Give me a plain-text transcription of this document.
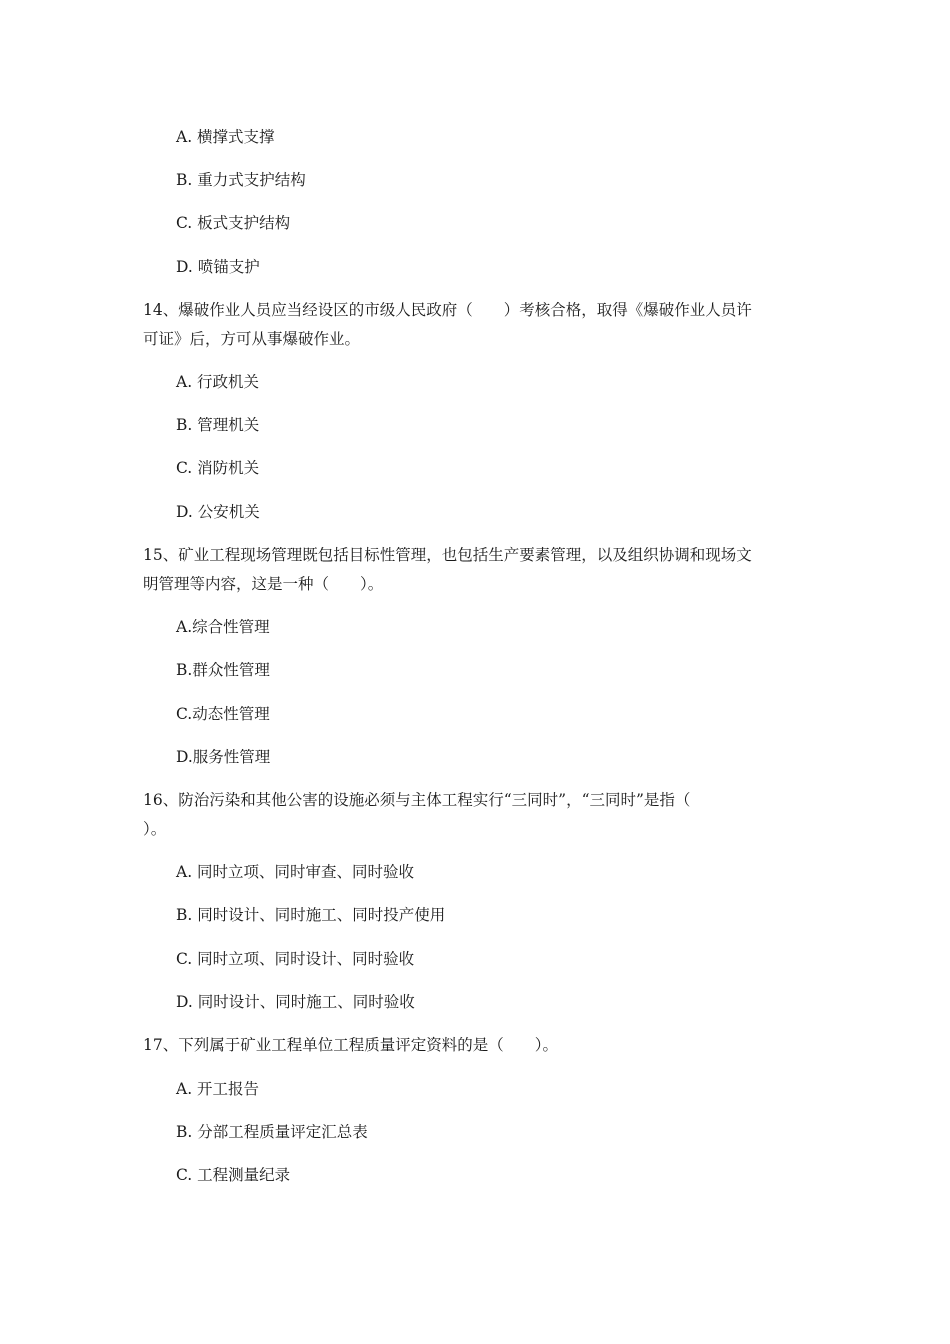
A. 横撑式支撑
B. 重力式支护结构
C. 板式支护结构
D. 喷锚支护
14、爆破作业人员应当经设区的市级人民政府（　　）考核合格，取得《爆破作业人员许
可证》后，方可从事爆破作业。
A. 行政机关
B. 管理机关
C. 消防机关
D. 公安机关
15、矿业工程现场管理既包括目标性管理，也包括生产要素管理，以及组织协调和现场文
明管理等内容，这是一种（　　）。
A.综合性管理
B.群众性管理
C.动态性管理
D.服务性管理
16、防治污染和其他公害的设施必须与主体工程实行“三同时”，“三同时”是指（
）。
A. 同时立项、同时审查、同时验收
B. 同时设计、同时施工、同时投产使用
C. 同时立项、同时设计、同时验收
D. 同时设计、同时施工、同时验收
17、下列属于矿业工程单位工程质量评定资料的是（　　）。
A. 开工报告
B. 分部工程质量评定汇总表
C. 工程测量纪录
